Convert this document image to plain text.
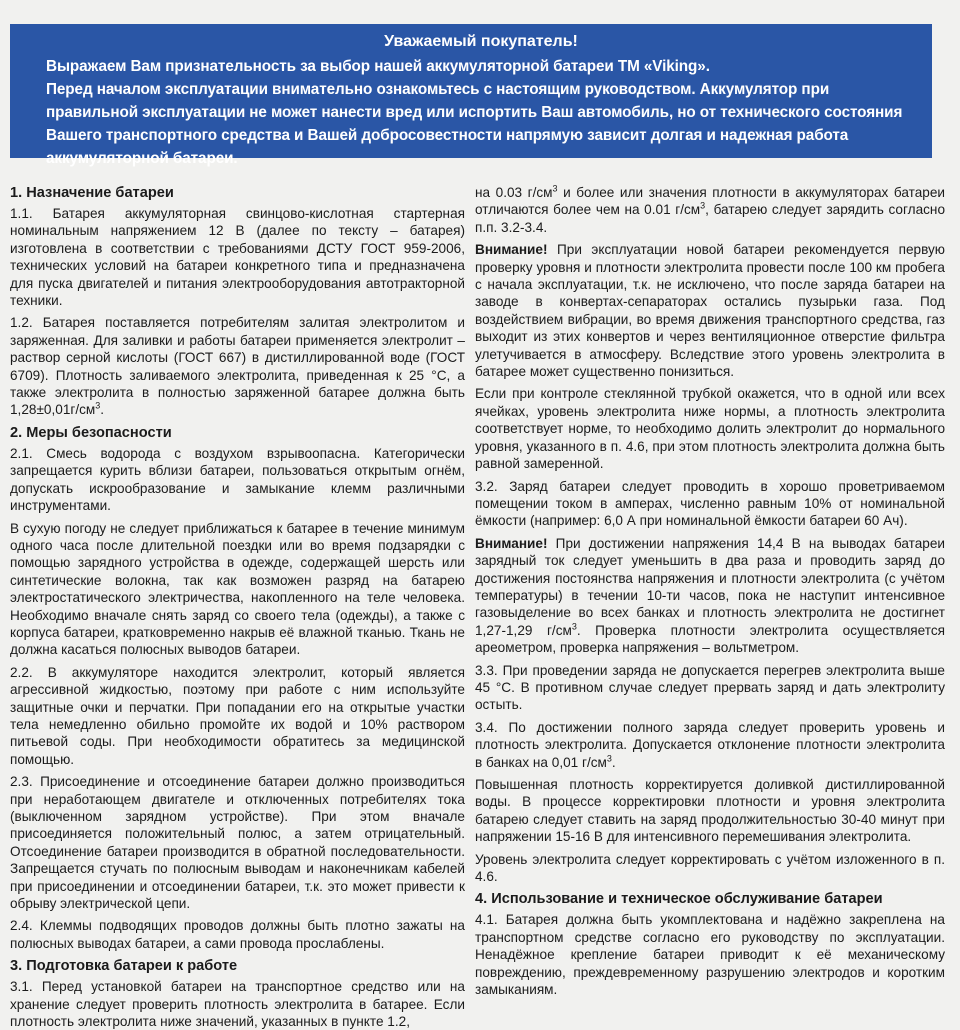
Уважаемый покупатель!

Выражаем Вам признательность за выбор нашей аккумуляторной батареи ТМ «Viking».

Перед началом эксплуатации внимательно ознакомьтесь с настоящим руководством. Аккумулятор при правильной эксплуатации не может нанести вред или испортить Ваш автомобиль, но от технического состояния Вашего транспортного средства и Вашей добросовестности напрямую зависит долгая и надежная работа аккумуляторной батареи.

1. Назначение батареи

1.1. Батарея аккумуляторная свинцово-кислотная стартерная номинальным напряжением 12 В (далее по тексту – батарея) изготовлена в соответствии с требованиями ДСТУ ГОСТ 959-2006, технических условий на батареи конкретного типа и предназначена для пуска двигателей и питания электрооборудования автотракторной техники.

1.2. Батарея поставляется потребителям залитая электролитом и заряженная. Для заливки и работы батареи применяется электролит – раствор серной кислоты (ГОСТ 667) в дистиллированной воде (ГОСТ 6709). Плотность заливаемого электролита, приведенная к 25 °С, а также электролита в полностью заряженной батарее должна быть $1,28\pm 0,01г/см^3$.

2. Меры безопасности

2.1. Смесь водорода с воздухом взрывоопасна. Категорически запрещается курить вблизи батареи, пользоваться открытым огнём, допускать искрообразование и замыкание клемм различными инструментами.

В сухую погоду не следует приближаться к батарее в течение минимум одного часа после длительной поездки или во время подзарядки с помощью зарядного устройства в одежде, содержащей шерсть или синтетические волокна, так как возможен разряд на батарею электростатического электричества, накопленного на теле человека. Необходимо вначале снять заряд со своего тела (одежды), а также с корпуса батареи, кратковременно накрыв её влажной тканью. Ткань не должна касаться полюсных выводов батареи.

2.2. В аккумуляторе находится электролит, который является агрессивной жидкостью, поэтому при работе с ним используйте защитные очки и перчатки. При попадании его на открытые участки тела немедленно обильно промойте их водой и 10% раствором питьевой соды. При необходимости обратитесь за медицинской помощью.

2.3. Присоединение и отсоединение батареи должно производиться при неработающем двигателе и отключенных потребителях тока (выключенном зарядном устройстве). При этом вначале присоединяется положительный полюс, а затем отрицательный. Отсоединение батареи производится в обратной последовательности. Запрещается стучать по полюсным выводам и наконечникам кабелей при присоединении и отсоединении батареи, т.к. это может привести к обрыву электрической цепи.

2.4. Клеммы подводящих проводов должны быть плотно зажаты на полюсных выводах батареи, а сами провода прослаблены.

3. Подготовка батареи к работе

3.1. Перед установкой батареи на транспортное средство или на хранение следует проверить плотность электролита в батарее. Если плотность электролита ниже значений, указанных в пункте 1.2,

на 0.03 $г/см^3$ и более или значения плотности в аккумуляторах батареи отличаются более чем на 0.01 $г/см^3$, батарею следует зарядить согласно п.п. 3.2-3.4.

Внимание! При эксплуатации новой батареи рекомендуется первую проверку уровня и плотности электролита провести после 100 км пробега с начала эксплуатации, т.к. не исключено, что после заряда батареи на заводе в конвертах-сепараторах остались пузырьки газа. Под воздействием вибрации, во время движения транспортного средства, газ выходит из этих конвертов и через вентиляционное отверстие фильтра улетучивается в атмосферу. Вследствие этого уровень электролита в батарее может существенно понизиться.

Если при контроле стеклянной трубкой окажется, что в одной или всех ячейках, уровень электролита ниже нормы, а плотность электролита соответствует норме, то необходимо долить электролит до нормального уровня, указанного в п. 4.6, при этом плотность электролита должна быть равной замеренной.

3.2. Заряд батареи следует проводить в хорошо проветриваемом помещении током в амперах, численно равным 10% от номинальной ёмкости (например: 6,0 А при номинальной ёмкости батареи 60 Ач).

Внимание! При достижении напряжения 14,4 В на выводах батареи зарядный ток следует уменьшить в два раза и проводить заряд до достижения постоянства напряжения и плотности электролита (с учётом температуры) в течении 10-ти часов, пока не наступит интенсивное газовыделение во всех банках и плотность электролита не достигнет 1,27-1,29 $г/см^3$. Проверка плотности электролита осуществляется ареометром, проверка напряжения – вольтметром.

3.3. При проведении заряда не допускается перегрев электролита выше 45 °С. В противном случае следует прервать заряд и дать электролиту остыть.

3.4. По достижении полного заряда следует проверить уровень и плотность электролита. Допускается отклонение плотности электролита в банках на 0,01 $г/см^3$.

Повышенная плотность корректируется доливкой дистиллированной воды. В процессе корректировки плотности и уровня электролита батарею следует ставить на заряд продолжительностью 30-40 минут при напряжении 15-16 В для интенсивного перемешивания электролита.

Уровень электролита следует корректировать с учётом изложенного в п. 4.6.

4. Использование и техническое обслуживание батареи

4.1. Батарея должна быть укомплектована и надёжно закреплена на транспортном средстве согласно его руководству по эксплуатации. Ненадёжное крепление батареи приводит к её механическому повреждению, преждевременному разрушению электродов и коротким замыканиям.
